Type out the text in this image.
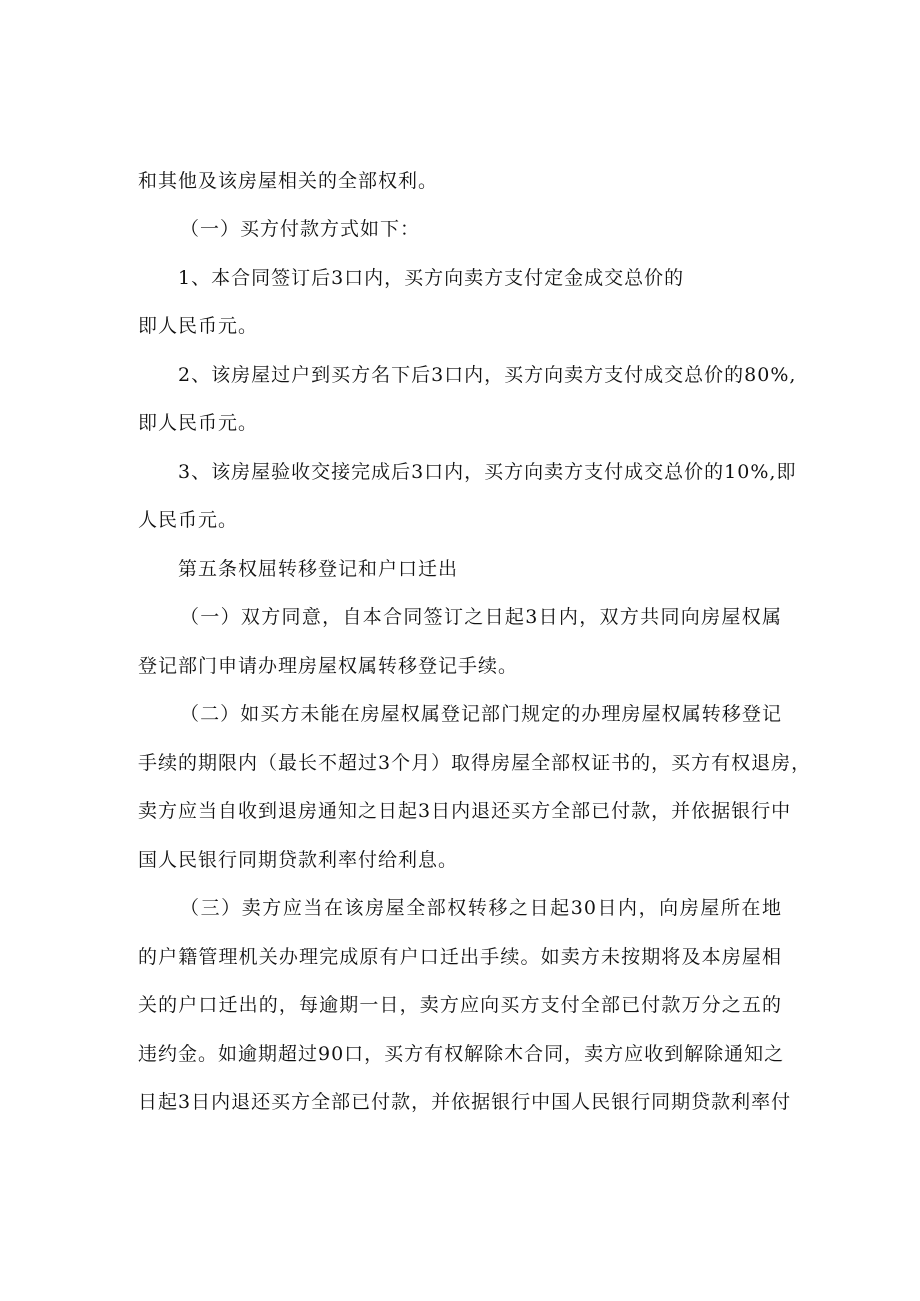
和其他及该房屋相关的全部权利。
（一）买方付款方式如下：
1、本合同签订后3口内，买方向卖方支付定金成交总价的
即人民币元。
2、该房屋过户到买方名下后3口内，买方向卖方支付成交总价的80%,
即人民币元。
3、该房屋验收交接完成后3口内，买方向卖方支付成交总价的10%,即
人民币元。
第五条权屈转移登记和户口迁出
（一）双方同意，自本合同签订之日起3日内，双方共同向房屋权属
登记部门申请办理房屋权属转移登记手续。
（二）如买方未能在房屋权属登记部门规定的办理房屋权属转移登记
手续的期限内（最长不超过3个月）取得房屋全部权证书的，买方有权退房，
卖方应当自收到退房通知之日起3日内退还买方全部已付款，并依据银行中
国人民银行同期贷款利率付给利息。
（三）卖方应当在该房屋全部权转移之日起30日内，向房屋所在地
的户籍管理机关办理完成原有户口迁出手续。如卖方未按期将及本房屋相
关的户口迁出的，每逾期一日，卖方应向买方支付全部已付款万分之五的
违约金。如逾期超过90口，买方有权解除木合同，卖方应收到解除通知之
日起3日内退还买方全部已付款，并依据银行中国人民银行同期贷款利率付
